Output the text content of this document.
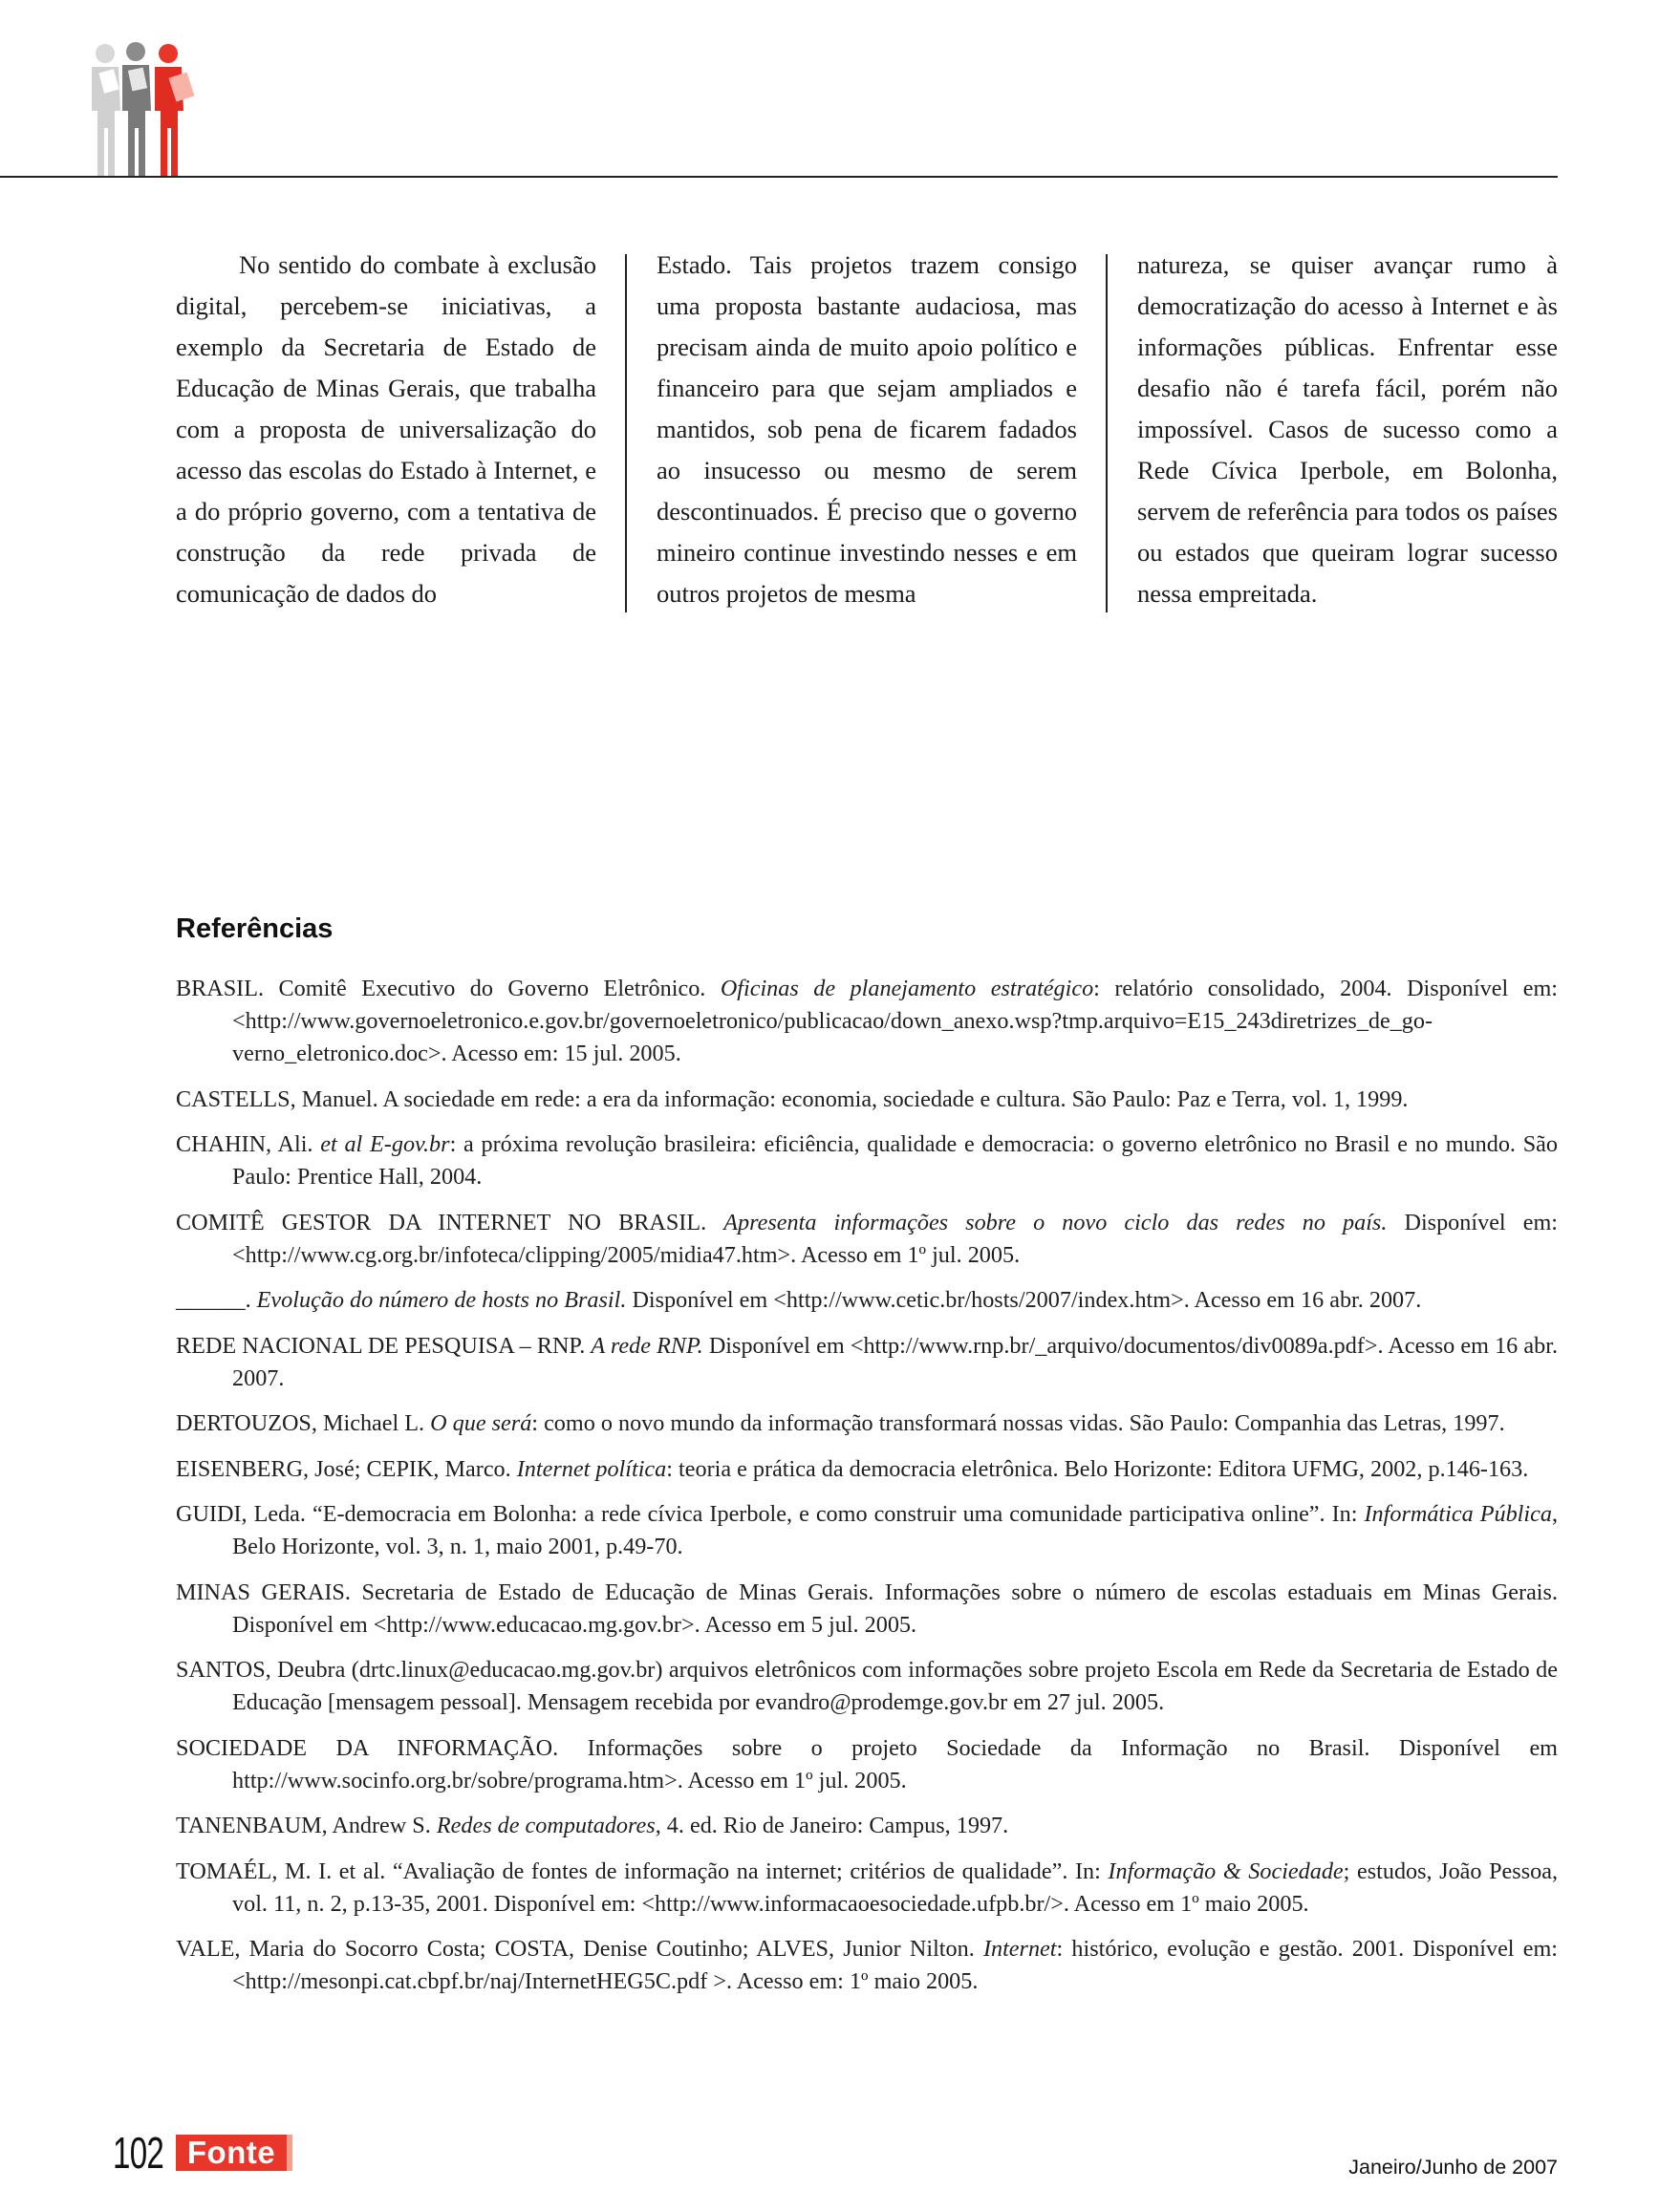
No sentido do combate à exclusão digital, percebem-se iniciativas, a exemplo da Secretaria de Estado de Educação de Minas Gerais, que trabalha com a proposta de universalização do acesso das escolas do Estado à Internet, e a do próprio governo, com a tentativa de construção da rede privada de comunicação de dados do

Estado. Tais projetos trazem consigo uma proposta bastante audaciosa, mas precisam ainda de muito apoio político e financeiro para que sejam ampliados e mantidos, sob pena de ficarem fadados ao insucesso ou mesmo de serem descontinuados. É preciso que o governo mineiro continue investindo nesses e em outros projetos de mesma

natureza, se quiser avançar rumo à democratização do acesso à Internet e às informações públicas. Enfrentar esse desafio não é tarefa fácil, porém não impossível. Casos de sucesso como a Rede Cívica Iperbole, em Bolonha, servem de referência para todos os países ou estados que queiram lograr sucesso nessa empreitada.

Referências

BRASIL. Comitê Executivo do Governo Eletrônico. Oficinas de planejamento estratégico: relatório consolidado, 2004. Disponível em: <http://www.governoeletronico.e.gov.br/governoeletronico/publicacao/down_anexo.wsp?tmp.arquivo=E15_243diretrizes_de_governo_eletronico.doc>. Acesso em: 15 jul. 2005.

CASTELLS, Manuel. A sociedade em rede: a era da informação: economia, sociedade e cultura. São Paulo: Paz e Terra, vol. 1, 1999.

CHAHIN, Ali. et al E-gov.br: a próxima revolução brasileira: eficiência, qualidade e democracia: o governo eletrônico no Brasil e no mundo. São Paulo: Prentice Hall, 2004.

COMITÊ GESTOR DA INTERNET NO BRASIL. Apresenta informações sobre o novo ciclo das redes no país. Disponível em: <http://www.cg.org.br/infoteca/clipping/2005/midia47.htm>. Acesso em 1º jul. 2005.

______. Evolução do número de hosts no Brasil. Disponível em <http://www.cetic.br/hosts/2007/index.htm>. Acesso em 16 abr. 2007.

REDE NACIONAL DE PESQUISA – RNP. A rede RNP. Disponível em <http://www.rnp.br/_arquivo/documentos/div0089a.pdf>. Acesso em 16 abr. 2007.

DERTOUZOS, Michael L. O que será: como o novo mundo da informação transformará nossas vidas. São Paulo: Companhia das Letras, 1997.

EISENBERG, José; CEPIK, Marco. Internet política: teoria e prática da democracia eletrônica. Belo Horizonte: Editora UFMG, 2002, p.146-163.

GUIDI, Leda. “E-democracia em Bolonha: a rede cívica Iperbole, e como construir uma comunidade participativa online”. In: Informática Pública, Belo Horizonte, vol. 3, n. 1, maio 2001, p.49-70.

MINAS GERAIS. Secretaria de Estado de Educação de Minas Gerais. Informações sobre o número de escolas estaduais em Minas Gerais. Disponível em <http://www.educacao.mg.gov.br>. Acesso em 5 jul. 2005.

SANTOS, Deubra (drtc.linux@educacao.mg.gov.br) arquivos eletrônicos com informações sobre projeto Escola em Rede da Secretaria de Estado de Educação [mensagem pessoal]. Mensagem recebida por evandro@prodemge.gov.br em 27 jul. 2005.

SOCIEDADE DA INFORMAÇÃO. Informações sobre o projeto Sociedade da Informação no Brasil. Disponível em http://www.socinfo.org.br/sobre/programa.htm>. Acesso em 1º jul. 2005.

TANENBAUM, Andrew S. Redes de computadores, 4. ed. Rio de Janeiro: Campus, 1997.

TOMAÉL, M. I. et al. “Avaliação de fontes de informação na internet; critérios de qualidade”. In: Informação & Sociedade; estudos, João Pessoa, vol. 11, n. 2, p.13-35, 2001. Disponível em: <http://www.informacaoesociedade.ufpb.br/>. Acesso em 1º maio 2005.

VALE, Maria do Socorro Costa; COSTA, Denise Coutinho; ALVES, Junior Nilton. Internet: histórico, evolução e gestão. 2001. Disponível em: <http://mesonpi.cat.cbpf.br/naj/InternetHEG5C.pdf >. Acesso em: 1º maio 2005.

102 Fonte	Janeiro/Junho de 2007
